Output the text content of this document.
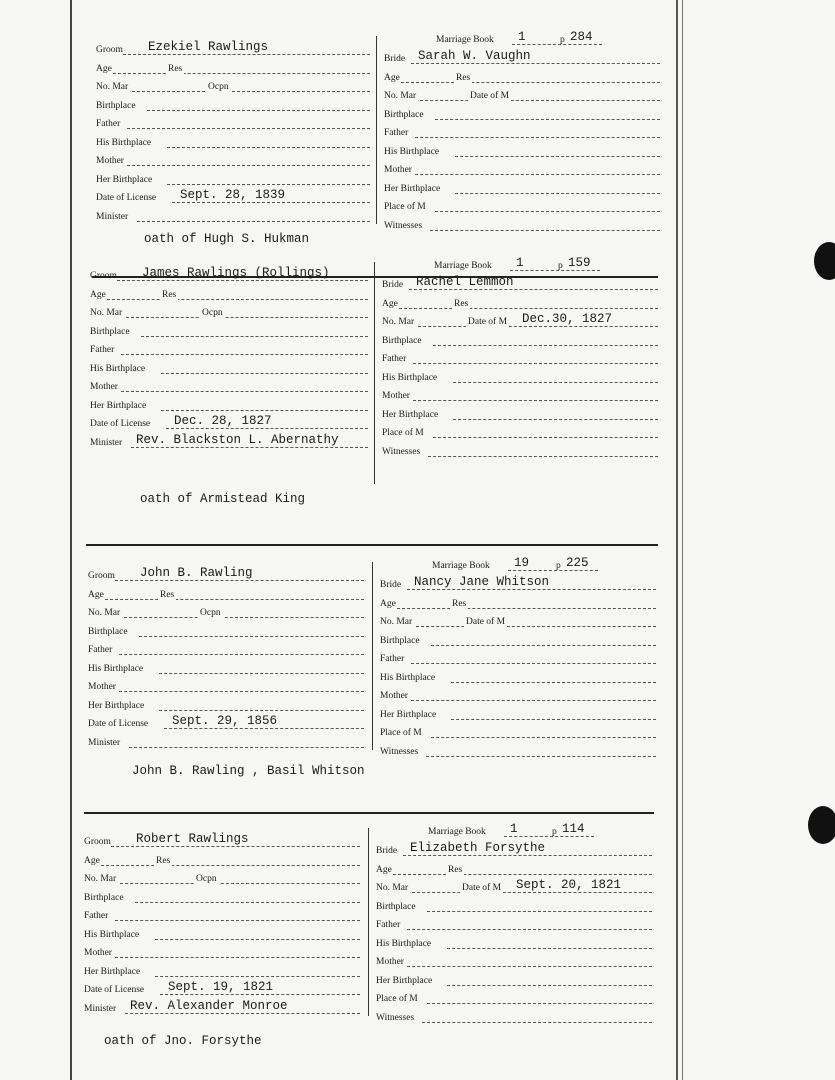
Groom Ezekiel Rawlings
Age	Res
No. Mar	Ocpn
Birthplace
Father
His Birthplace
Mother
Her Birthplace
Date of License Sept. 28, 1839
Minister
oath of Hugh S. Hukman
Marriage Book 1	p 284
Bride Sarah W. Vaughn
Age	Res
No. Mar	Date of M
Birthplace
Father
His Birthplace
Mother
Her Birthplace
Place of M
Witnesses
Groom James Rawlings (Rollings)
Age	Res
No. Mar	Ocpn
Birthplace
Father
His Birthplace
Mother
Her Birthplace
Date of License Dec. 28, 1827
Minister Rev. Blackston L. Abernathy
oath of Armistead King
Marriage Book 1	p 159
Bride Rachel Lemmon
Age	Res
No. Mar	Date of M Dec.30, 1827
Birthplace
Father
His Birthplace
Mother
Her Birthplace
Place of M
Witnesses
Groom John B. Rawling
Age	Res
No. Mar	Ocpn
Birthplace
Father
His Birthplace
Mother
Her Birthplace
Date of License Sept. 29, 1856
Minister
John B. Rawling , Basil Whitson
Marriage Book 19	p 225
Bride Nancy Jane Whitson
Age	Res
No. Mar	Date of M
Birthplace
Father
His Birthplace
Mother
Her Birthplace
Place of M
Witnesses
Groom Robert Rawlings
Age	Res
No. Mar	Ocpn
Birthplace
Father
His Birthplace
Mother
Her Birthplace
Date of License Sept. 19, 1821
Minister Rev. Alexander Monroe
oath of Jno. Forsythe
Marriage Book 1	p 114
Bride Elizabeth Forsythe
Age	Res
No. Mar	Date of M Sept. 20, 1821
Birthplace
Father
His Birthplace
Mother
Her Birthplace
Place of M
Witnesses
